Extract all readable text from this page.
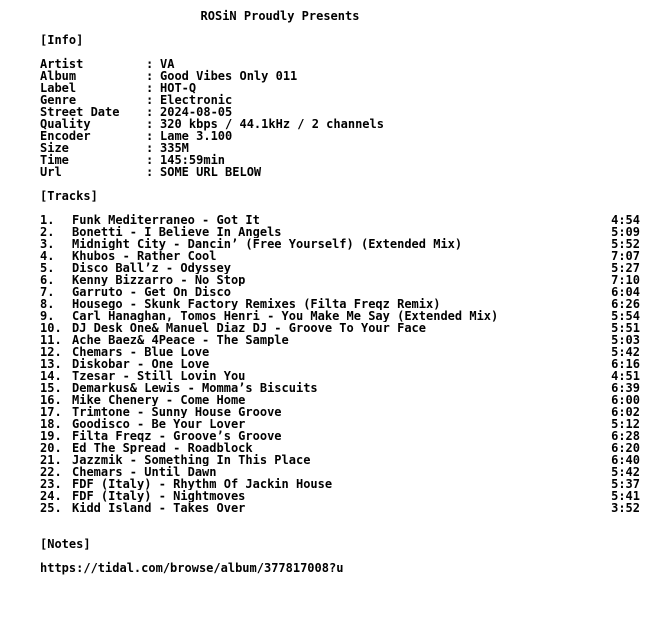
ROSiN Proudly Presents
[Info]
Artist	: VA
Album	: Good Vibes Only 011
Label	: HOT-Q
Genre	: Electronic
Street Date	: 2024-08-05
Quality	: 320 kbps / 44.1kHz / 2 channels
Encoder	: Lame 3.100
Size	: 335M
Time	: 145:59min
Url	: SOME URL BELOW
[Tracks]
1.	Funk Mediterraneo - Got It	4:54
2.	Bonetti - I Believe In Angels	5:09
3.	Midnight City - Dancin’ (Free Yourself) (Extended Mix)	5:52
4.	Khubos - Rather Cool	7:07
5.	Disco Ball’z - Odyssey	5:27
6.	Kenny Bizzarro - No Stop	7:10
7.	Garruto - Get On Disco	6:04
8.	Housego - Skunk Factory Remixes (Filta Freqz Remix)	6:26
9.	Carl Hanaghan, Tomos Henri - You Make Me Say (Extended Mix)	5:54
10. DJ Desk One& Manuel Diaz DJ - Groove To Your Face	5:51
11. Ache Baez& 4Peace - The Sample	5:03
12. Chemars - Blue Love	5:42
13. Diskobar - One Love	6:16
14. Tzesar - Still Lovin You	4:51
15. Demarkus& Lewis - Momma’s Biscuits	6:39
16. Mike Chenery - Come Home	6:00
17. Trimtone - Sunny House Groove	6:02
18. Goodisco - Be Your Lover	5:12
19. Filta Freqz - Groove’s Groove	6:28
20. Ed The Spread - Roadblock	6:20
21. Jazzmik - Something In This Place	6:40
22. Chemars - Until Dawn	5:42
23. FDF (Italy) - Rhythm Of Jackin House	5:37
24. FDF (Italy) - Nightmoves	5:41
25. Kidd Island - Takes Over	3:52
[Notes]
https://tidal.com/browse/album/377817008?u
